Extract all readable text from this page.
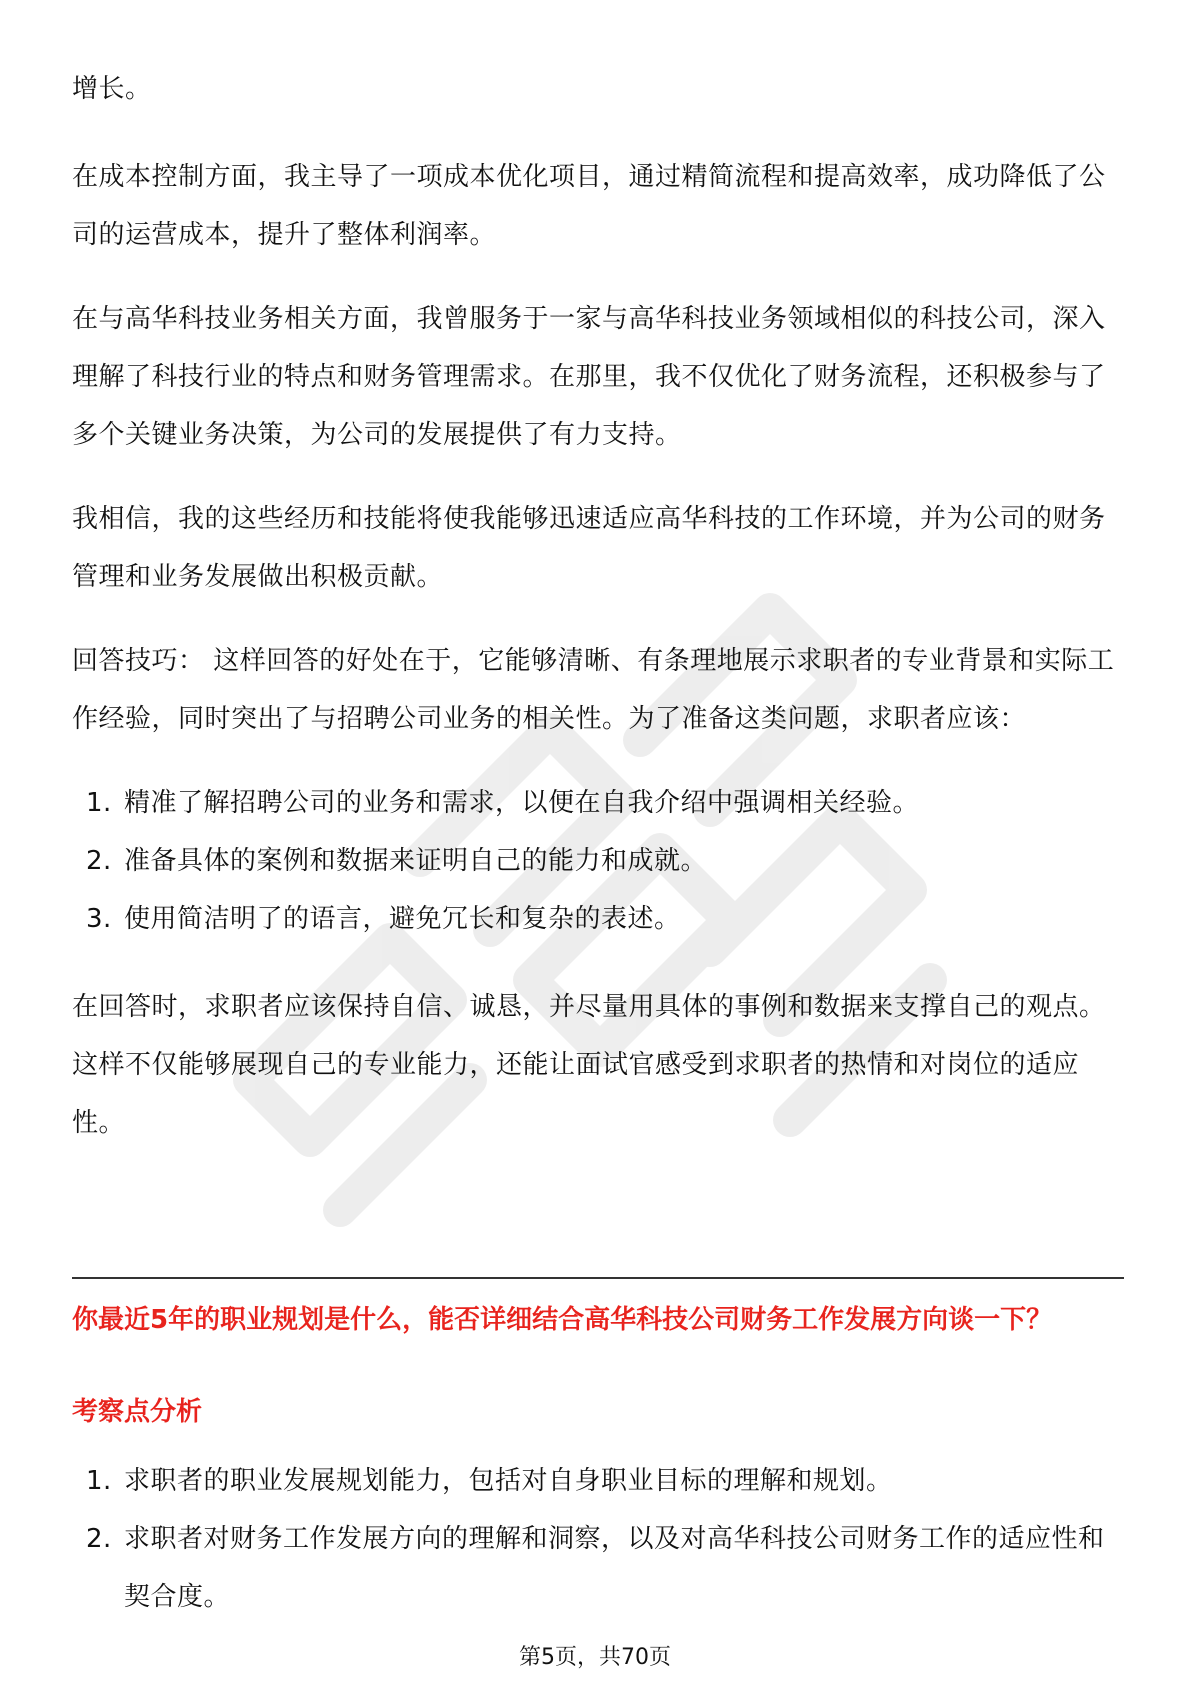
增长。

在成本控制方面，我主导了一项成本优化项目，通过精简流程和提高效率，成功降低了公司的运营成本，提升了整体利润率。

在与高华科技业务相关方面，我曾服务于一家与高华科技业务领域相似的科技公司，深入理解了科技行业的特点和财务管理需求。在那里，我不仅优化了财务流程，还积极参与了多个关键业务决策，为公司的发展提供了有力支持。

我相信，我的这些经历和技能将使我能够迅速适应高华科技的工作环境，并为公司的财务管理和业务发展做出积极贡献。

回答技巧： 这样回答的好处在于，它能够清晰、有条理地展示求职者的专业背景和实际工作经验，同时突出了与招聘公司业务的相关性。为了准备这类问题，求职者应该：

1. 精准了解招聘公司的业务和需求，以便在自我介绍中强调相关经验。
2. 准备具体的案例和数据来证明自己的能力和成就。
3. 使用简洁明了的语言，避免冗长和复杂的表述。

在回答时，求职者应该保持自信、诚恳，并尽量用具体的事例和数据来支撑自己的观点。这样不仅能够展现自己的专业能力，还能让面试官感受到求职者的热情和对岗位的适应性。

你最近5年的职业规划是什么，能否详细结合高华科技公司财务工作发展方向谈一下？
考察点分析
1. 求职者的职业发展规划能力，包括对自身职业目标的理解和规划。
2. 求职者对财务工作发展方向的理解和洞察，以及对高华科技公司财务工作的适应性和契合度。
第5页，共70页
